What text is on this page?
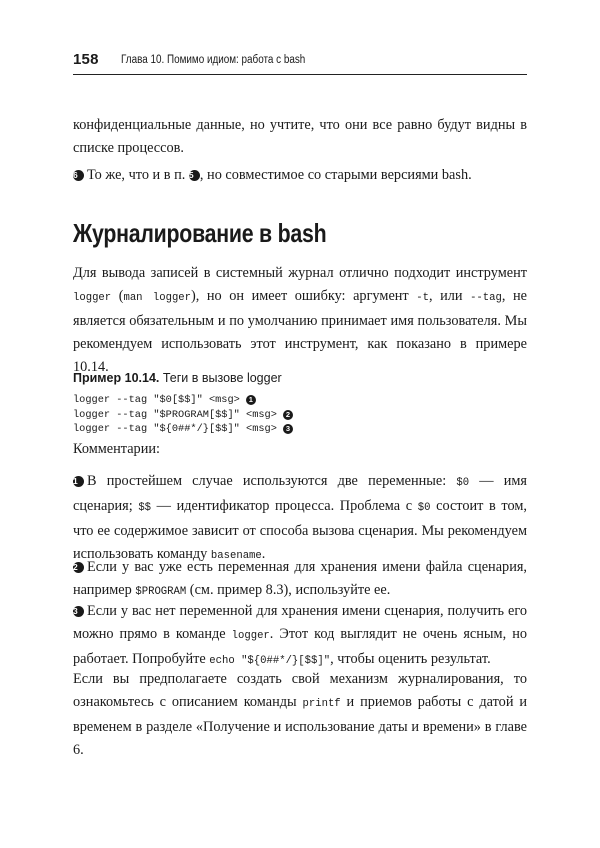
158 Глава 10. Помимо идиом: работа с bash

конфиденциальные данные, но учтите, что они все равно будут видны в списке процессов.

6 То же, что и в п. 5 , но совместимое со старыми версиями bash.

Журналирование в bash

Для вывода записей в системный журнал отлично подходит инструмент logger (man logger), но он имеет ошибку: аргумент -t, или --tag, не является обязательным и по умолчанию принимает имя пользователя. Мы рекомендуем использовать этот инструмент, как показано в примере 10.14.

Пример 10.14. Теги в вызове logger
logger --tag "$0[$$]" <msg> 1
logger --tag "$PROGRAM[$$]" <msg> 2
logger --tag "${0##*/}[$$]" <msg> 3

Комментарии:

1 В простейшем случае используются две переменные: $0 — имя сценария; $$ — идентификатор процесса. Проблема с $0 состоит в том, что ее содержимое зависит от способа вызова сценария. Мы рекомендуем использовать команду basename.

2 Если у вас уже есть переменная для хранения имени файла сценария, например $PROGRAM (см. пример 8.3), используйте ее.

3 Если у вас нет переменной для хранения имени сценария, получить его можно прямо в команде logger. Этот код выглядит не очень ясным, но работает. Попробуйте echo "${0##*/}[$$]", чтобы оценить результат.

Если вы предполагаете создать свой механизм журналирования, то ознакомьтесь с описанием команды printf и приемов работы с датой и временем в разделе «Получение и использование даты и времени» в главе 6.
